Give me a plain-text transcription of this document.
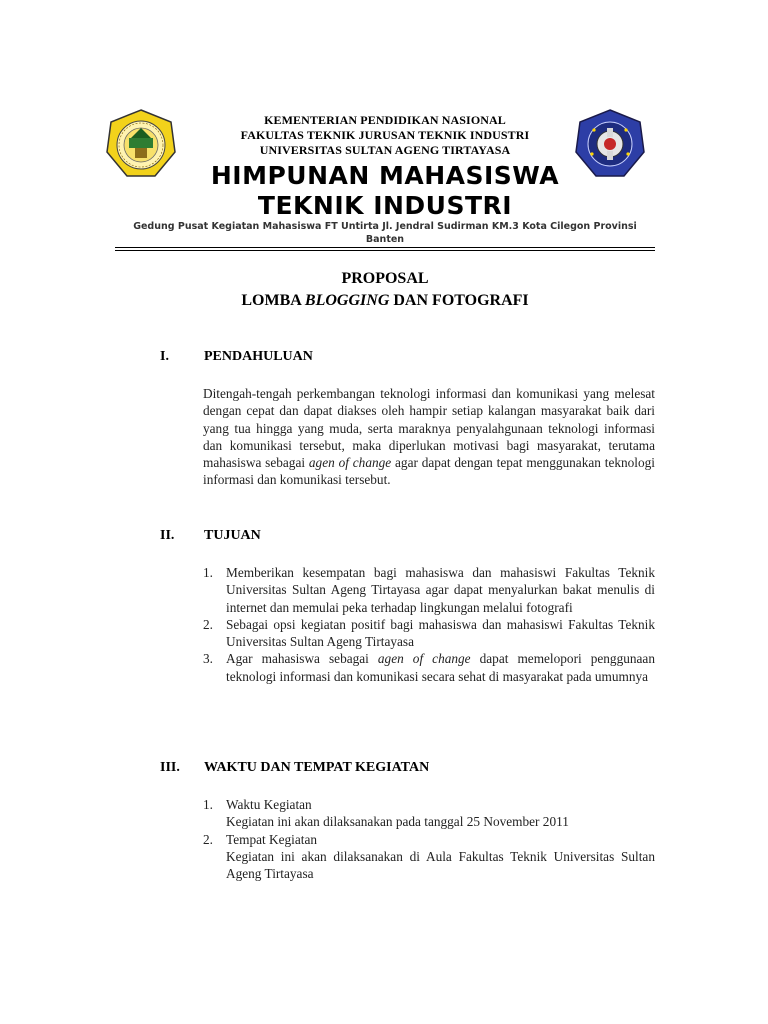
KEMENTERIAN PENDIDIKAN NASIONAL
FAKULTAS TEKNIK JURUSAN TEKNIK INDUSTRI
UNIVERSITAS SULTAN AGENG TIRTAYASA
HIMPUNAN MAHASISWA
TEKNIK INDUSTRI
Gedung Pusat Kegiatan Mahasiswa FT Untirta Jl. Jendral Sudirman KM.3 Kota Cilegon Provinsi Banten
PROPOSAL
LOMBA BLOGGING DAN FOTOGRAFI
I.	PENDAHULUAN
Ditengah-tengah perkembangan teknologi informasi dan komunikasi yang melesat dengan cepat dan dapat diakses oleh hampir setiap kalangan masyarakat baik dari yang tua hingga yang muda, serta maraknya penyalahgunaan teknologi informasi dan komunikasi tersebut, maka diperlukan motivasi bagi masyarakat, terutama mahasiswa sebagai agen of change agar dapat dengan tepat menggunakan teknologi informasi dan komunikasi tersebut.
II. TUJUAN
1. Memberikan kesempatan bagi mahasiswa dan mahasiswi Fakultas Teknik Universitas Sultan Ageng Tirtayasa agar dapat menyalurkan bakat menulis di internet dan memulai peka terhadap lingkungan melalui fotografi
2. Sebagai opsi kegiatan positif bagi mahasiswa dan mahasiswi Fakultas Teknik Universitas Sultan Ageng Tirtayasa
3. Agar mahasiswa sebagai agen of change dapat memelopori penggunaan teknologi informasi dan komunikasi secara sehat di masyarakat pada umumnya
III. WAKTU DAN TEMPAT KEGIATAN
1. Waktu Kegiatan
Kegiatan ini akan dilaksanakan pada tanggal 25 November 2011
2. Tempat Kegiatan
Kegiatan ini akan dilaksanakan di Aula Fakultas Teknik Universitas Sultan Ageng Tirtayasa
